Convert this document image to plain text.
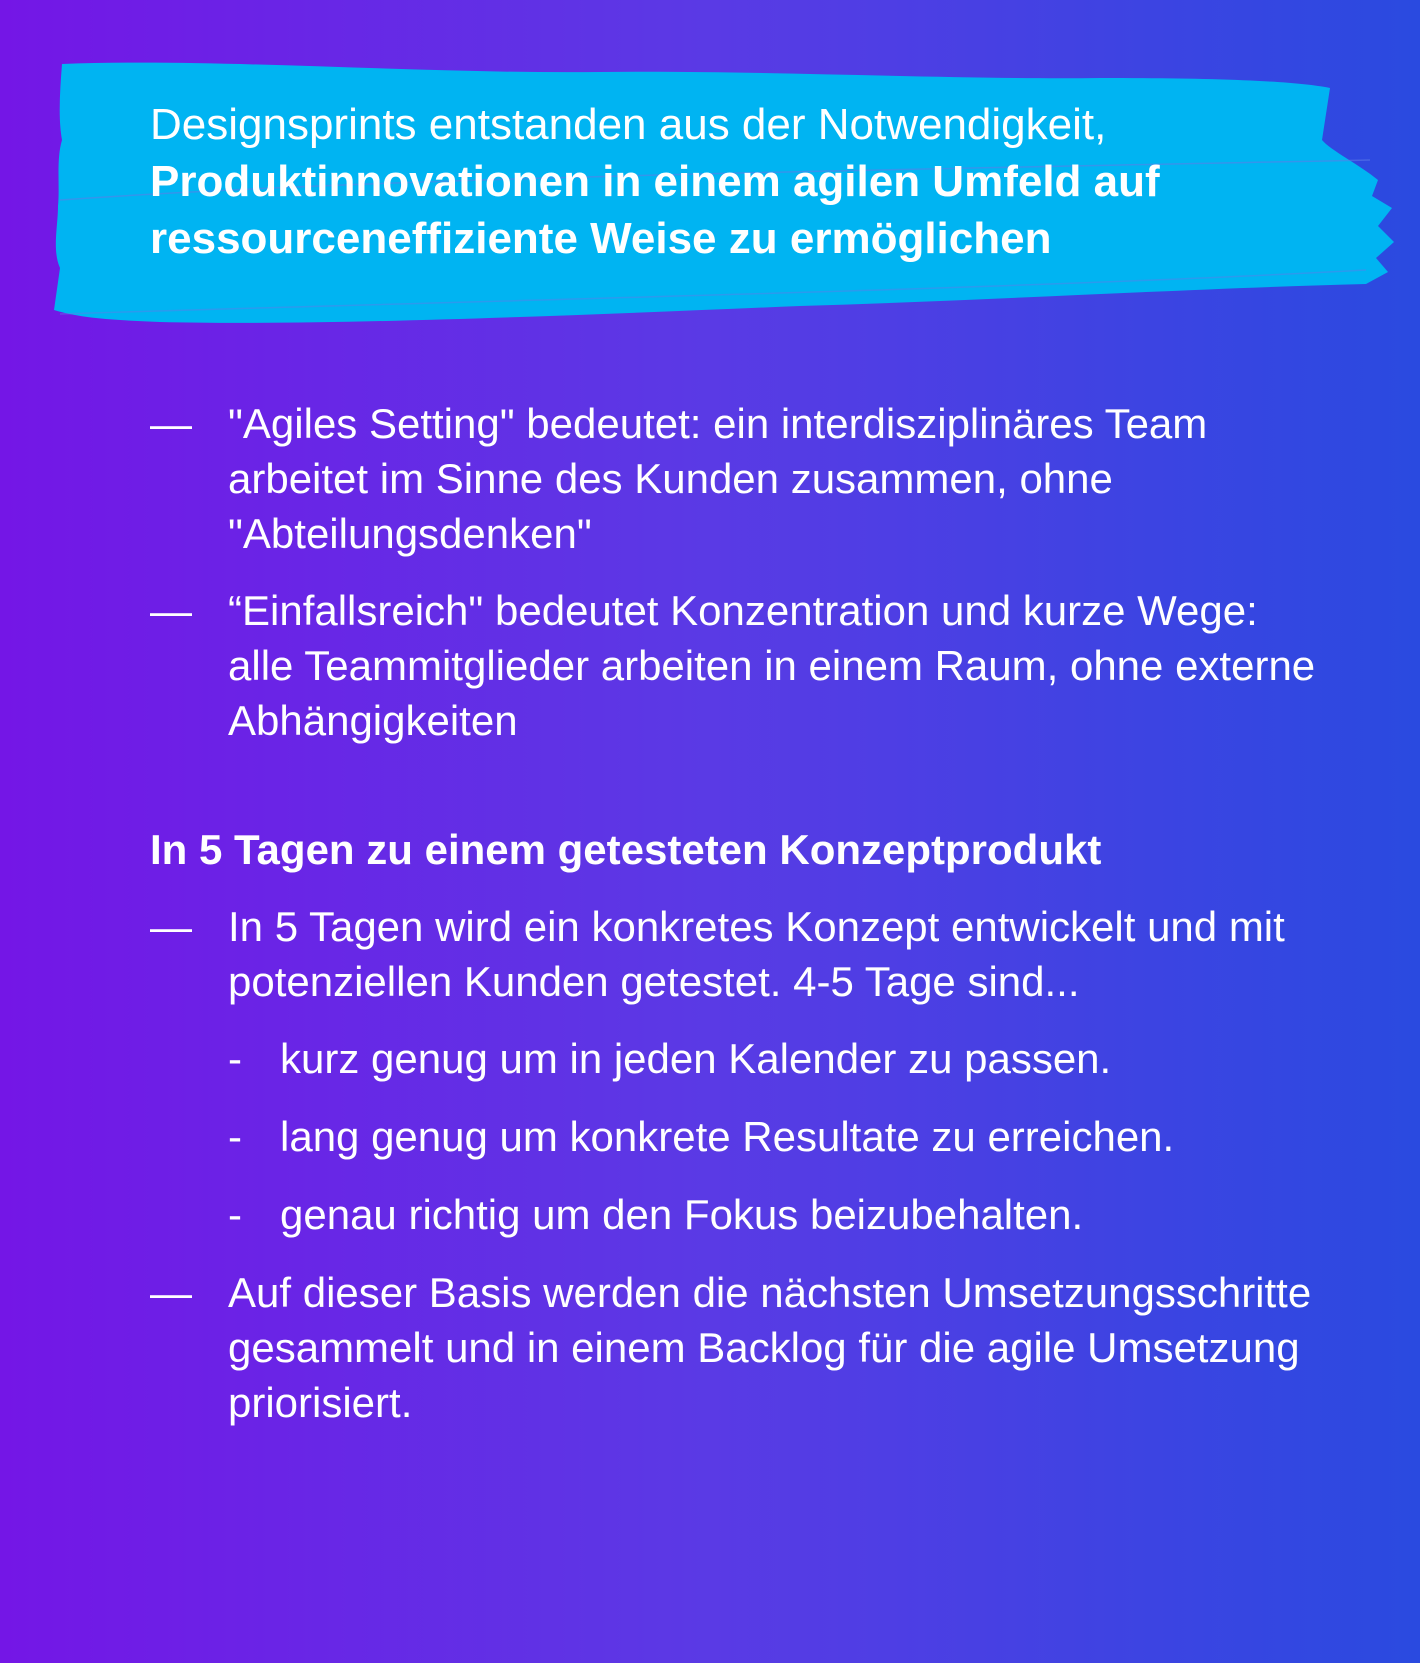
Designsprints entstanden aus der Notwendigkeit,
Produktinnovationen in einem agilen Umfeld auf ressourceneffiziente Weise zu ermöglichen
— "Agiles Setting" bedeutet: ein interdisziplinäres Team arbeitet im Sinne des Kunden zusammen, ohne "Abteilungsdenken"
— “Einfallsreich" bedeutet Konzentration und kurze Wege: alle Teammitglieder arbeiten in einem Raum, ohne externe Abhängigkeiten
In 5 Tagen zu einem getesteten Konzeptprodukt
— In 5 Tagen wird ein konkretes Konzept entwickelt und mit potenziellen Kunden getestet. 4-5 Tage sind...
- kurz genug um in jeden Kalender zu passen.
- lang genug um konkrete Resultate zu erreichen.
- genau richtig um den Fokus beizubehalten.
— Auf dieser Basis werden die nächsten Umsetzungsschritte gesammelt und in einem Backlog für die agile Umsetzung priorisiert.
